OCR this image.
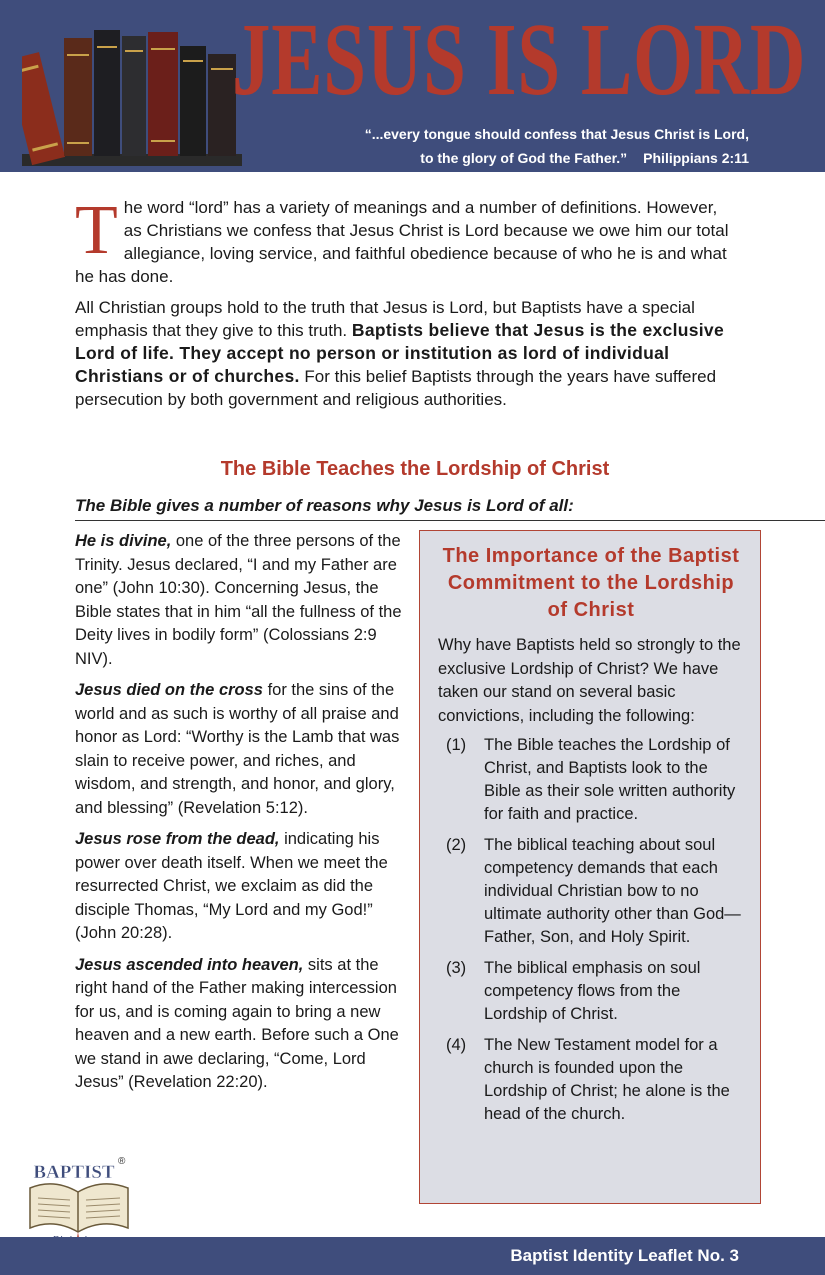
JESUS IS LORD
“...every tongue should confess that Jesus Christ is Lord,
to the glory of God the Father.” Philippians 2:11

The word “lord” has a variety of meanings and a number of definitions. However, as Christians we confess that Jesus Christ is Lord because we owe him our total allegiance, loving service, and faithful obedience because of who he is and what he has done.

All Christian groups hold to the truth that Jesus is Lord, but Baptists have a special emphasis that they give to this truth. Baptists believe that Jesus is the exclusive Lord of life. They accept no person or institution as lord of individual Christians or of churches. For this belief Baptists through the years have suffered persecution by both government and religious authorities.

The Bible Teaches the Lordship of Christ

The Bible gives a number of reasons why Jesus is Lord of all:

He is divine, one of the three persons of the Trinity. Jesus declared, “I and my Father are one” (John 10:30). Concerning Jesus, the Bible states that in him “all the fullness of the Deity lives in bodily form” (Colossians 2:9 NIV).

Jesus died on the cross for the sins of the world and as such is worthy of all praise and honor as Lord: “Worthy is the Lamb that was slain to receive power, and riches, and wisdom, and strength, and honor, and glory, and blessing” (Revelation 5:12).

Jesus rose from the dead, indicating his power over death itself. When we meet the resurrected Christ, we exclaim as did the disciple Thomas, “My Lord and my God!” (John 20:28).

Jesus ascended into heaven, sits at the right hand of the Father making intercession for us, and is coming again to bring a new heaven and a new earth. Before such a One we stand in awe declaring, “Come, Lord Jesus” (Revelation 22:20).

The Importance of the Baptist Commitment to the Lordship of Christ

Why have Baptists held so strongly to the exclusive Lordship of Christ? We have taken our stand on several basic convictions, including the following:

(1) The Bible teaches the Lordship of Christ, and Baptists look to the Bible as their sole written authority for faith and practice.
(2) The biblical teaching about soul competency demands that each individual Christian bow to no ultimate authority other than God—Father, Son, and Holy Spirit.
(3) The biblical emphasis on soul competency flows from the Lordship of Christ.
(4) The New Testament model for a church is founded upon the Lordship of Christ; he alone is the head of the church.
BAPTIST
®
Baptist Identity Leaflet No. 3
